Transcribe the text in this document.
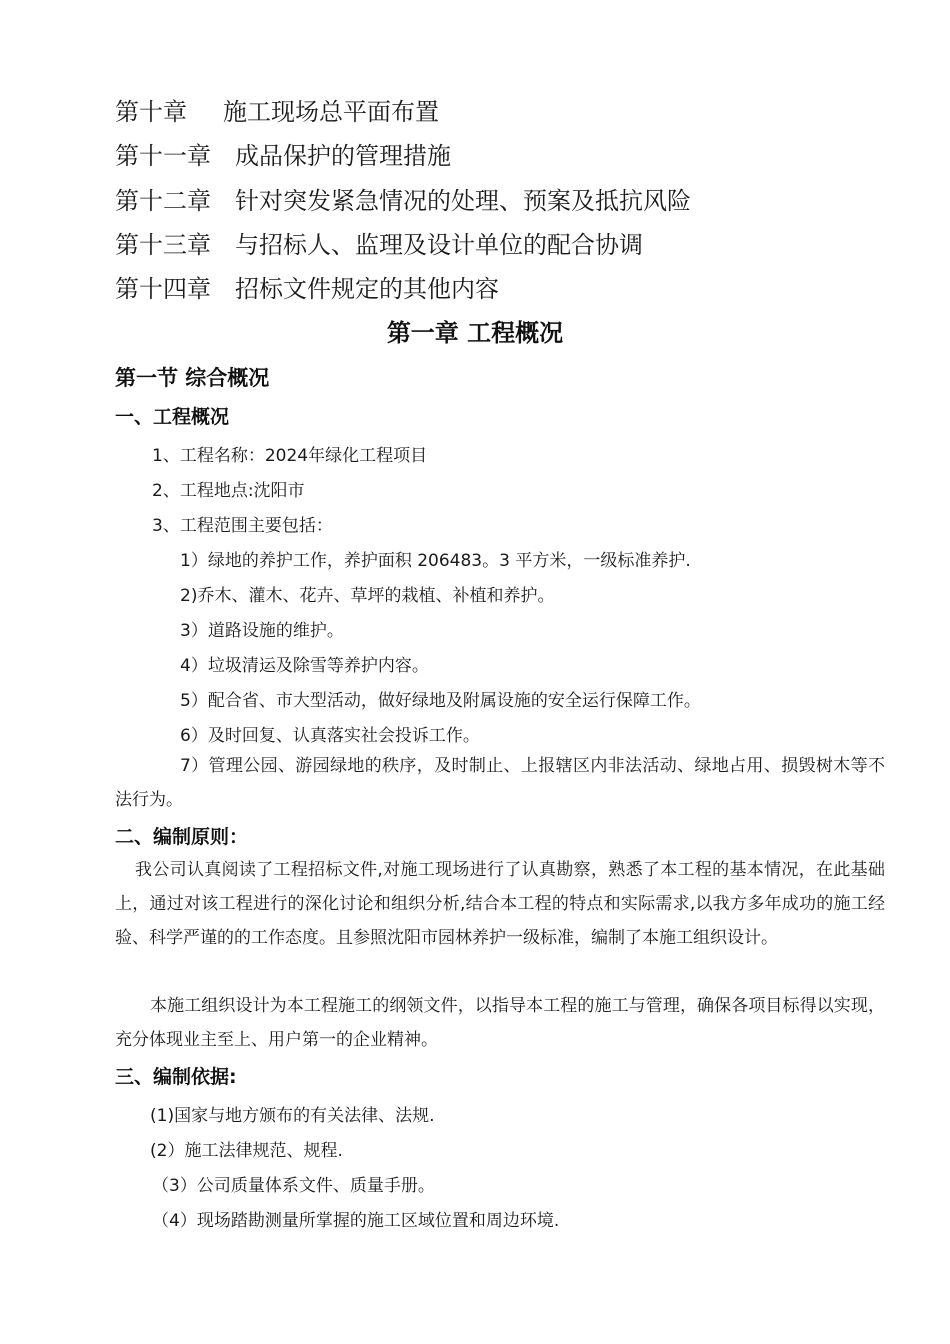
第十章 施工现场总平面布置
第十一章 成品保护的管理措施
第十二章 针对突发紧急情况的处理、预案及抵抗风险
第十三章 与招标人、监理及设计单位的配合协调
第十四章 招标文件规定的其他内容
第一章 工程概况
第一节 综合概况
一、工程概况
1、工程名称：2024年绿化工程项目
2、工程地点:沈阳市
3、工程范围主要包括：
1）绿地的养护工作，养护面积 206483。3 平方米，一级标准养护.
2)乔木、灌木、花卉、草坪的栽植、补植和养护。
3）道路设施的维护。
4）垃圾清运及除雪等养护内容。
5）配合省、市大型活动，做好绿地及附属设施的安全运行保障工作。
6）及时回复、认真落实社会投诉工作。
7）管理公园、游园绿地的秩序，及时制止、上报辖区内非法活动、绿地占用、损毁树木等不法行为。
二、编制原则：
我公司认真阅读了工程招标文件,对施工现场进行了认真勘察，熟悉了本工程的基本情况，在此基础上，通过对该工程进行的深化讨论和组织分析,结合本工程的特点和实际需求,以我方多年成功的施工经验、科学严谨的的工作态度。且参照沈阳市园林养护一级标准，编制了本施工组织设计。
本施工组织设计为本工程施工的纲领文件，以指导本工程的施工与管理，确保各项目标得以实现，充分体现业主至上、用户第一的企业精神。
三、编制依据:
(1)国家与地方颁布的有关法律、法规.
(2）施工法律规范、规程.
（3）公司质量体系文件、质量手册。
（4）现场踏勘测量所掌握的施工区域位置和周边环境.
